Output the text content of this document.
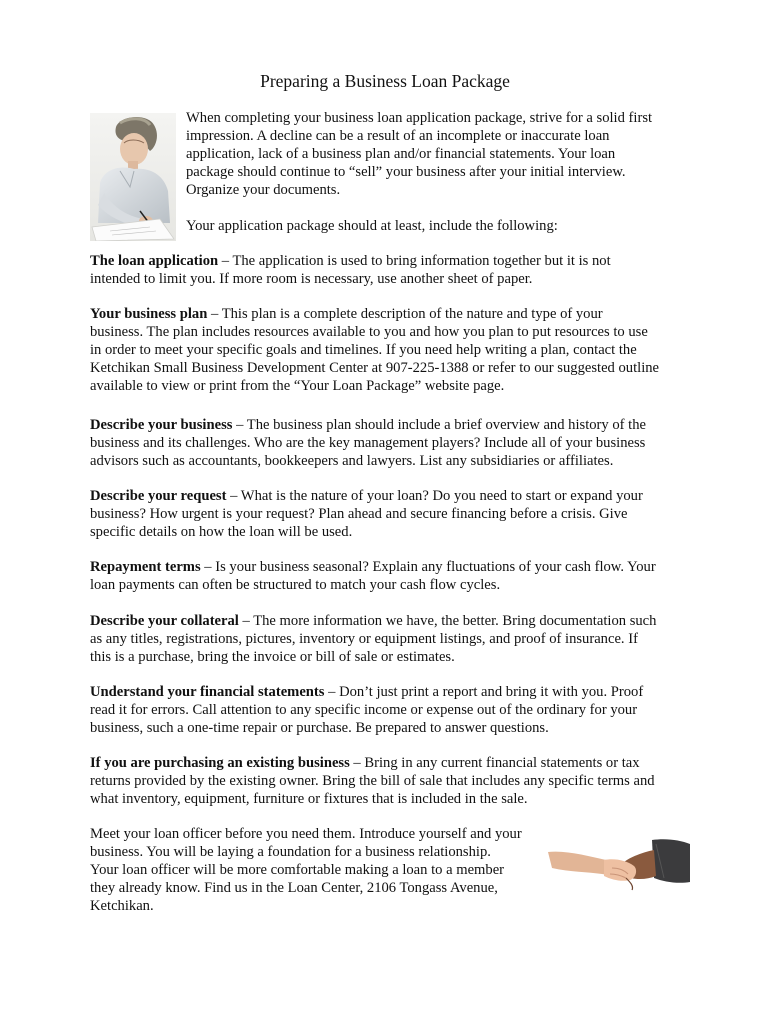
Preparing a Business Loan Package

When completing your business loan application package, strive for a solid first
impression. A decline can be a result of an incomplete or inaccurate loan
application, lack of a business plan and/or financial statements. Your loan
package should continue to “sell” your business after your initial interview.
Organize your documents.

Your application package should at least, include the following:

The loan application – The application is used to bring information together but it is not
intended to limit you. If more room is necessary, use another sheet of paper.

Your business plan – This plan is a complete description of the nature and type of your
business. The plan includes resources available to you and how you plan to put resources to use
in order to meet your specific goals and timelines. If you need help writing a plan, contact the
Ketchikan Small Business Development Center at 907-225-1388 or refer to our suggested outline
available to view or print from the “Your Loan Package” website page.

Describe your business – The business plan should include a brief overview and history of the
business and its challenges. Who are the key management players? Include all of your business
advisors such as accountants, bookkeepers and lawyers. List any subsidiaries or affiliates.

Describe your request – What is the nature of your loan? Do you need to start or expand your
business? How urgent is your request? Plan ahead and secure financing before a crisis. Give
specific details on how the loan will be used.

Repayment terms – Is your business seasonal? Explain any fluctuations of your cash flow. Your
loan payments can often be structured to match your cash flow cycles.

Describe your collateral – The more information we have, the better. Bring documentation such
as any titles, registrations, pictures, inventory or equipment listings, and proof of insurance. If
this is a purchase, bring the invoice or bill of sale or estimates.

Understand your financial statements – Don’t just print a report and bring it with you. Proof
read it for errors. Call attention to any specific income or expense out of the ordinary for your
business, such a one-time repair or purchase. Be prepared to answer questions.

If you are purchasing an existing business – Bring in any current financial statements or tax
returns provided by the existing owner. Bring the bill of sale that includes any specific terms and
what inventory, equipment, furniture or fixtures that is included in the sale.

Meet your loan officer before you need them. Introduce yourself and your
business. You will be laying a foundation for a business relationship.
Your loan officer will be more comfortable making a loan to a member
they already know. Find us in the Loan Center, 2106 Tongass Avenue,
Ketchikan.
